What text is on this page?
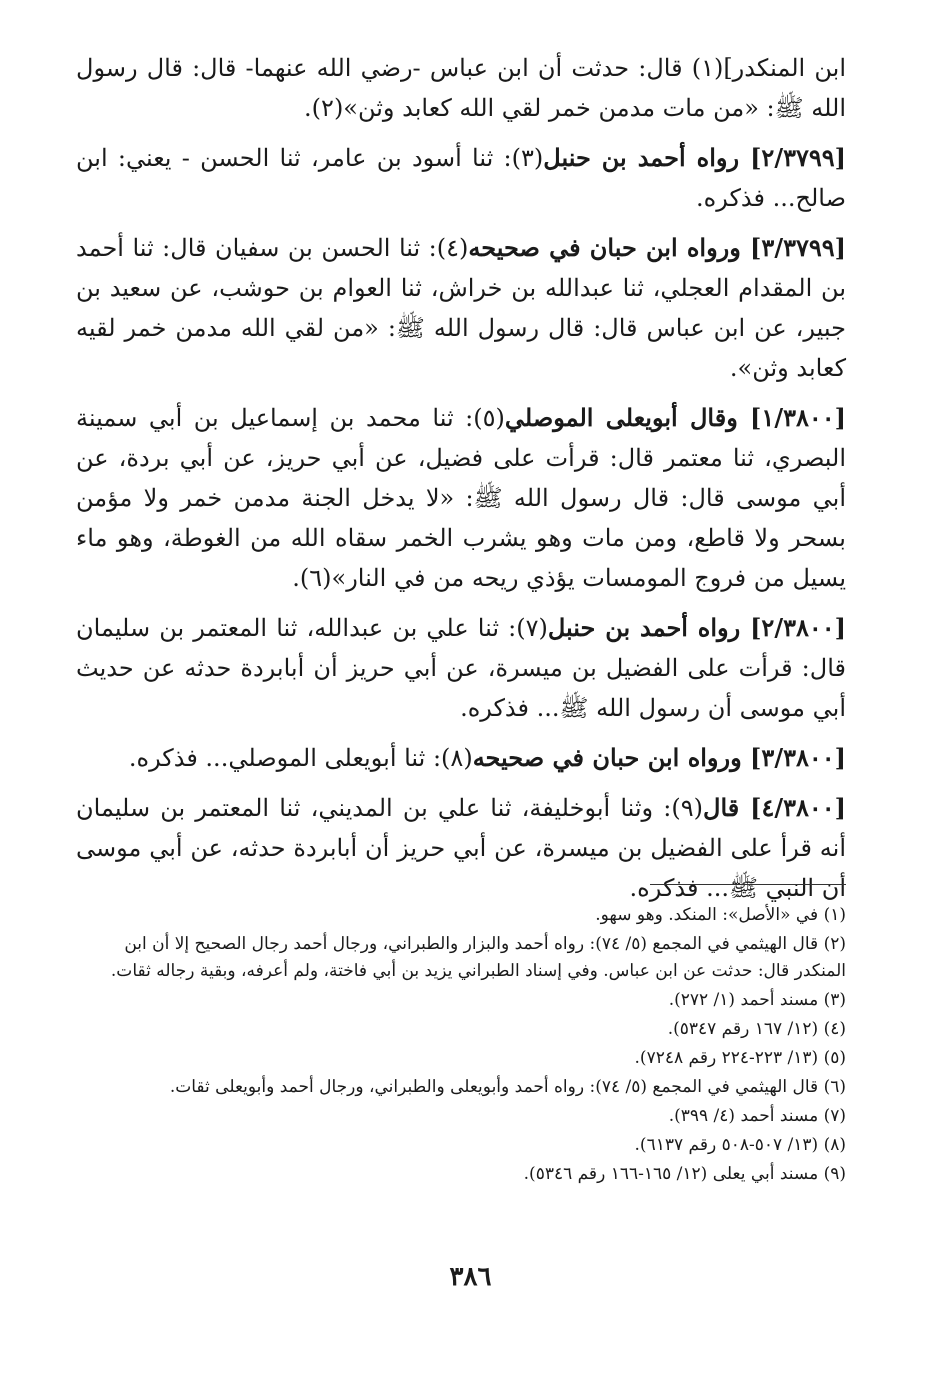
ابن المنكدر](١) قال: حدثت أن ابن عباس -رضي الله عنهما- قال: قال رسول الله ﷺ: «من مات مدمن خمر لقي الله كعابد وثن»(٢).

[٢/٣٧٩٩] رواه أحمد بن حنبل(٣): ثنا أسود بن عامر، ثنا الحسن - يعني: ابن صالح... فذكره.

[٣/٣٧٩٩] ورواه ابن حبان في صحيحه(٤): ثنا الحسن بن سفيان قال: ثنا أحمد بن المقدام العجلي، ثنا عبدالله بن خراش، ثنا العوام بن حوشب، عن سعيد بن جبير، عن ابن عباس قال: قال رسول الله ﷺ: «من لقي الله مدمن خمر لقيه كعابد وثن».

[١/٣٨٠٠] وقال أبويعلى الموصلي(٥): ثنا محمد بن إسماعيل بن أبي سمينة البصري، ثنا معتمر قال: قرأت على فضيل، عن أبي حريز، عن أبي بردة، عن أبي موسى قال: قال رسول الله ﷺ: «لا يدخل الجنة مدمن خمر ولا مؤمن بسحر ولا قاطع، ومن مات وهو يشرب الخمر سقاه الله من الغوطة، وهو ماء يسيل من فروج المومسات يؤذي ريحه من في النار»(٦).

[٢/٣٨٠٠] رواه أحمد بن حنبل(٧): ثنا علي بن عبدالله، ثنا المعتمر بن سليمان قال: قرأت على الفضيل بن ميسرة، عن أبي حريز أن أبابردة حدثه عن حديث أبي موسى أن رسول الله ﷺ... فذكره.

[٣/٣٨٠٠] ورواه ابن حبان في صحيحه(٨): ثنا أبويعلى الموصلي... فذكره.

[٤/٣٨٠٠] قال(٩): وثنا أبوخليفة، ثنا علي بن المديني، ثنا المعتمر بن سليمان أنه قرأ على الفضيل بن ميسرة، عن أبي حريز أن أبابردة حدثه، عن أبي موسى أن النبي ﷺ... فذكره.

(١) في «الأصل»: المنكد. وهو سهو.

(٢) قال الهيثمي في المجمع (٥/ ٧٤): رواه أحمد والبزار والطبراني، ورجال أحمد رجال الصحيح إلا أن ابن المنكدر قال: حدثت عن ابن عباس. وفي إسناد الطبراني يزيد بن أبي فاختة، ولم أعرفه، وبقية رجاله ثقات.

(٣) مسند أحمد (١/ ٢٧٢).

(٤) (١٢/ ١٦٧ رقم ٥٣٤٧).

(٥) (١٣/ ٢٢٣-٢٢٤ رقم ٧٢٤٨).

(٦) قال الهيثمي في المجمع (٥/ ٧٤): رواه أحمد وأبويعلى والطبراني، ورجال أحمد وأبويعلى ثقات.

(٧) مسند أحمد (٤/ ٣٩٩).

(٨) (١٣/ ٥٠٧-٥٠٨ رقم ٦١٣٧).

(٩) مسند أبي يعلى (١٢/ ١٦٥-١٦٦ رقم ٥٣٤٦).

٣٨٦
